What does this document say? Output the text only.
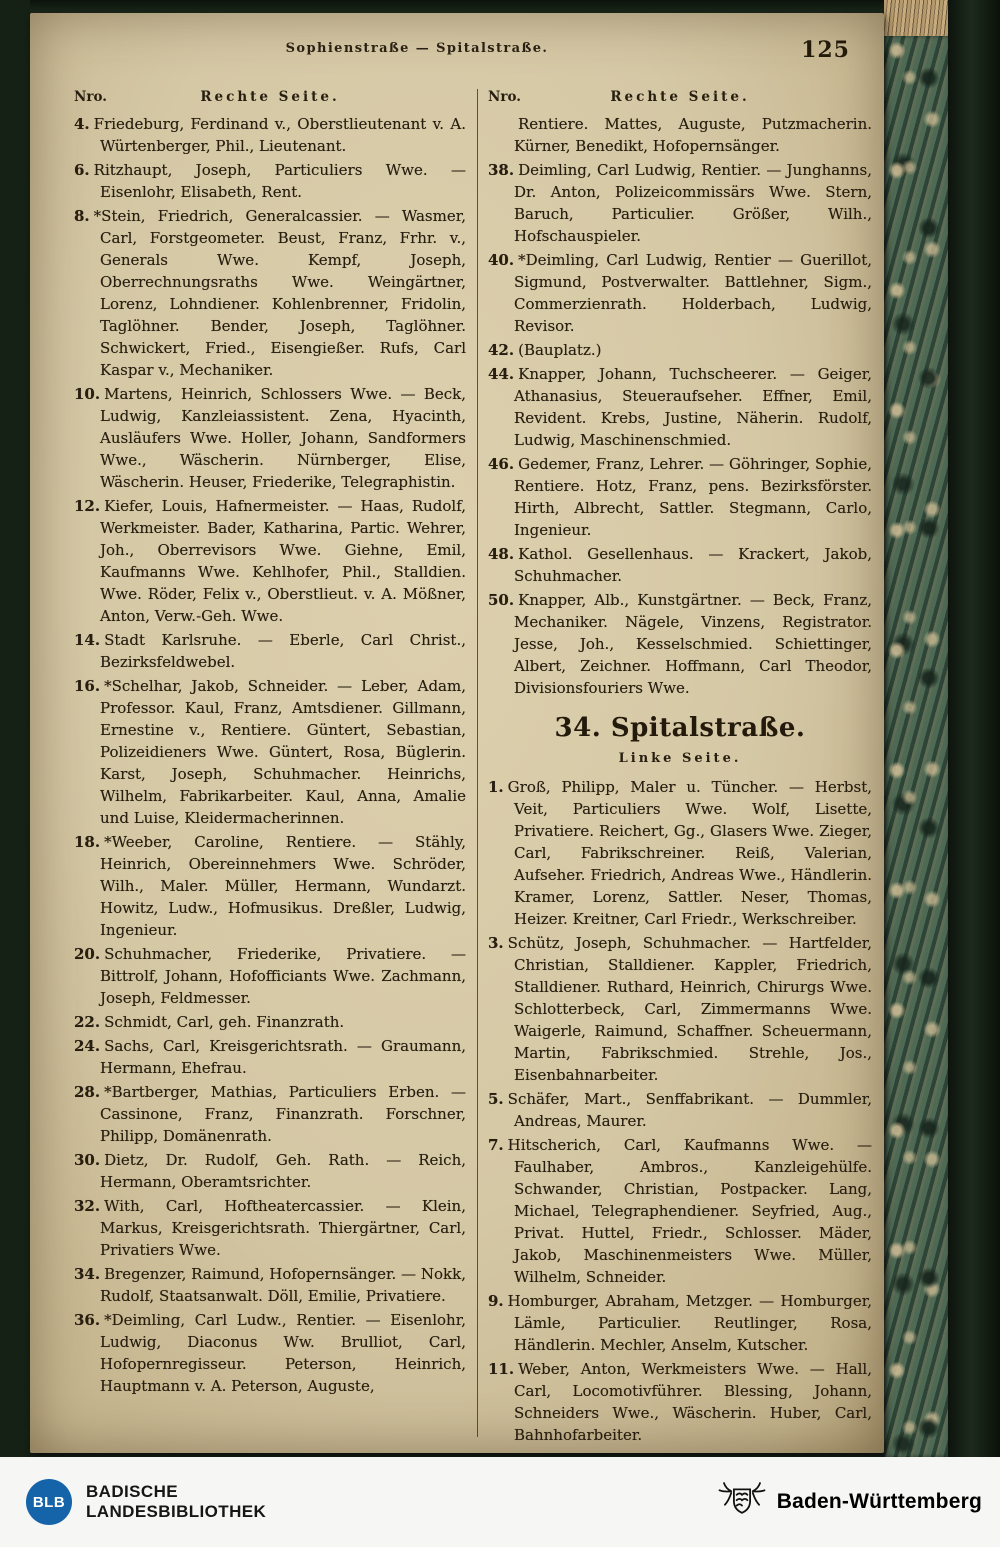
Sophienstraße — Spitalstraße.	125
Nro.	Rechte Seite.

4. Friedeburg, Ferdinand v., Oberstlieutenant v. A. Würtenberger, Phil., Lieutenant.

6. Ritzhaupt, Joseph, Particuliers Wwe. — Eisenlohr, Elisabeth, Rent.

8. *Stein, Friedrich, Generalcassier. — Wasmer, Carl, Forstgeometer. Beust, Franz, Frhr. v., Generals Wwe. Kempf, Joseph, Oberrechnungsraths Wwe. Weingärtner, Lorenz, Lohndiener. Kohlenbrenner, Fridolin, Taglöhner. Bender, Joseph, Taglöhner. Schwickert, Fried., Eisengießer. Rufs, Carl Kaspar v., Mechaniker.

10. Martens, Heinrich, Schlossers Wwe. — Beck, Ludwig, Kanzleiassistent. Zena, Hyacinth, Ausläufers Wwe. Holler, Johann, Sandformers Wwe., Wäscherin. Nürnberger, Elise, Wäscherin. Heuser, Friederike, Telegraphistin.

12. Kiefer, Louis, Hafnermeister. — Haas, Rudolf, Werkmeister. Bader, Katharina, Partic. Wehrer, Joh., Oberrevisors Wwe. Giehne, Emil, Kaufmanns Wwe. Kehlhofer, Phil., Stalldien. Wwe. Röder, Felix v., Oberstlieut. v. A. Mößner, Anton, Verw.-Geh. Wwe.

14. Stadt Karlsruhe. — Eberle, Carl Christ., Bezirksfeldwebel.

16. *Schelhar, Jakob, Schneider. — Leber, Adam, Professor. Kaul, Franz, Amtsdiener. Gillmann, Ernestine v., Rentiere. Güntert, Sebastian, Polizeidieners Wwe. Güntert, Rosa, Büglerin. Karst, Joseph, Schuhmacher. Heinrichs, Wilhelm, Fabrikarbeiter. Kaul, Anna, Amalie und Luise, Kleidermacherinnen.

18. *Weeber, Caroline, Rentiere. — Stähly, Heinrich, Obereinnehmers Wwe. Schröder, Wilh., Maler. Müller, Hermann, Wundarzt. Howitz, Ludw., Hofmusikus. Dreßler, Ludwig, Ingenieur.

20. Schuhmacher, Friederike, Privatiere. — Bittrolf, Johann, Hofofficiants Wwe. Zachmann, Joseph, Feldmesser.

22. Schmidt, Carl, geh. Finanzrath.

24. Sachs, Carl, Kreisgerichtsrath. — Graumann, Hermann, Ehefrau.

28. *Bartberger, Mathias, Particuliers Erben. — Cassinone, Franz, Finanzrath. Forschner, Philipp, Domänenrath.

30. Dietz, Dr. Rudolf, Geh. Rath. — Reich, Hermann, Oberamtsrichter.

32. With, Carl, Hoftheatercassier. — Klein, Markus, Kreisgerichtsrath. Thiergärtner, Carl, Privatiers Wwe.

34. Bregenzer, Raimund, Hofopernsänger. — Nokk, Rudolf, Staatsanwalt. Döll, Emilie, Privatiere.

36. *Deimling, Carl Ludw., Rentier. — Eisenlohr, Ludwig, Diaconus Ww. Brulliot, Carl, Hofopernregisseur. Peterson, Heinrich, Hauptmann v. A. Peterson, Auguste,

Nro.	Rechte Seite.

Rentiere. Mattes, Auguste, Putzmacherin. Kürner, Benedikt, Hofopernsänger.

38. Deimling, Carl Ludwig, Rentier. — Junghanns, Dr. Anton, Polizeicommissärs Wwe. Stern, Baruch, Particulier. Größer, Wilh., Hofschauspieler.

40. *Deimling, Carl Ludwig, Rentier — Guerillot, Sigmund, Postverwalter. Battlehner, Sigm., Commerzienrath. Holderbach, Ludwig, Revisor.

42. (Bauplatz.)

44. Knapper, Johann, Tuchscheerer. — Geiger, Athanasius, Steueraufseher. Effner, Emil, Revident. Krebs, Justine, Näherin. Rudolf, Ludwig, Maschinenschmied.

46. Gedemer, Franz, Lehrer. — Göhringer, Sophie, Rentiere. Hotz, Franz, pens. Bezirksförster. Hirth, Albrecht, Sattler. Stegmann, Carlo, Ingenieur.

48. Kathol. Gesellenhaus. — Krackert, Jakob, Schuhmacher.

50. Knapper, Alb., Kunstgärtner. — Beck, Franz, Mechaniker. Nägele, Vinzens, Registrator. Jesse, Joh., Kesselschmied. Schiettinger, Albert, Zeichner. Hoffmann, Carl Theodor, Divisionsfouriers Wwe.

34. Spitalstraße.
Linke Seite.

1. Groß, Philipp, Maler u. Tüncher. — Herbst, Veit, Particuliers Wwe. Wolf, Lisette, Privatiere. Reichert, Gg., Glasers Wwe. Zieger, Carl, Fabrikschreiner. Reiß, Valerian, Aufseher. Friedrich, Andreas Wwe., Händlerin. Kramer, Lorenz, Sattler. Neser, Thomas, Heizer. Kreitner, Carl Friedr., Werkschreiber.

3. Schütz, Joseph, Schuhmacher. — Hartfelder, Christian, Stalldiener. Kappler, Friedrich, Stalldiener. Ruthard, Heinrich, Chirurgs Wwe. Schlotterbeck, Carl, Zimmermanns Wwe. Waigerle, Raimund, Schaffner. Scheuermann, Martin, Fabrikschmied. Strehle, Jos., Eisenbahnarbeiter.

5. Schäfer, Mart., Senffabrikant. — Dummler, Andreas, Maurer.

7. Hitscherich, Carl, Kaufmanns Wwe. — Faulhaber, Ambros., Kanzleigehülfe. Schwander, Christian, Postpacker. Lang, Michael, Telegraphendiener. Seyfried, Aug., Privat. Huttel, Friedr., Schlosser. Mäder, Jakob, Maschinenmeisters Wwe. Müller, Wilhelm, Schneider.

9. Homburger, Abraham, Metzger. — Homburger, Lämle, Particulier. Reutlinger, Rosa, Händlerin. Mechler, Anselm, Kutscher.

11. Weber, Anton, Werkmeisters Wwe. — Hall, Carl, Locomotivführer. Blessing, Johann, Schneiders Wwe., Wäscherin. Huber, Carl, Bahnhofarbeiter.

BLB
BADISCHE
LANDESBIBLIOTHEK	Baden-Württemberg
